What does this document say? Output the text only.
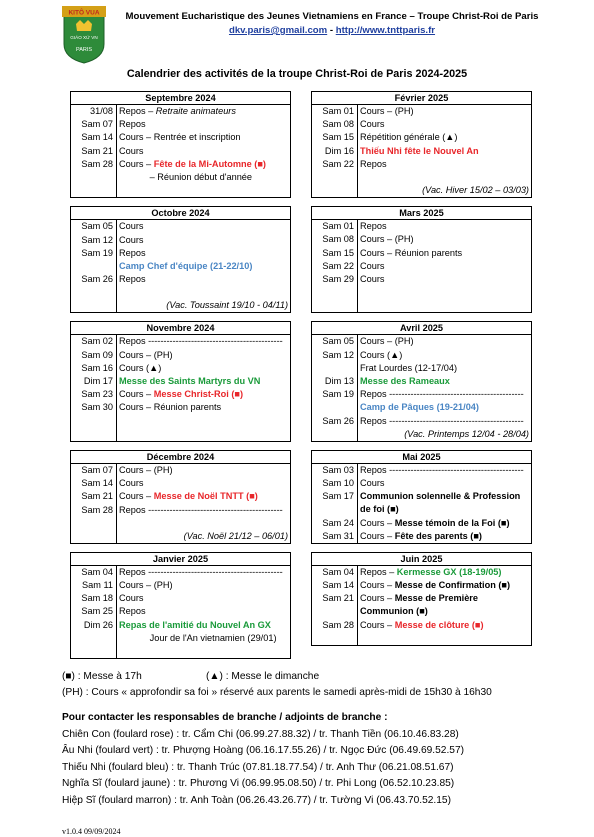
KITÔ VUA
GIÁO XỨ VN
PARIS
Mouvement Eucharistique des Jeunes Vietnamiens en France – Troupe Christ-Roi de Paris
dkv.paris@gmail.com - http://www.tnttparis.fr
Calendrier des activités de la troupe Christ-Roi de Paris 2024-2025
Septembre 2024
31/08 Repos – Retraite animateurs
Sam 07 Repos
Sam 14 Cours – Rentrée et inscription
Sam 21 Cours
Sam 28 Cours – Fête de la Mi-Automne (■)
– Réunion début d'année
Octobre 2024
Sam 05 Cours
Sam 12 Cours
Sam 19 Repos
Camp Chef d'équipe (21-22/10)
Sam 26 Repos
(Vac. Toussaint 19/10 - 04/11)
Novembre 2024
Sam 02 Repos --------------------------------------------
Sam 09 Cours – (PH)
Sam 16 Cours (▲)
Dim 17 Messe des Saints Martyrs du VN
Sam 23 Cours – Messe Christ-Roi (■)
Sam 30 Cours – Réunion parents
Décembre 2024
Sam 07 Cours – (PH)
Sam 14 Cours
Sam 21 Cours – Messe de Noël TNTT (■)
Sam 28 Repos --------------------------------------------
(Vac. Noël 21/12 – 06/01)
Janvier 2025
Sam 04 Repos --------------------------------------------
Sam 11 Cours – (PH)
Sam 18 Cours
Sam 25 Repos
Dim 26 Repas de l'amitié du Nouvel An GX
Jour de l'An vietnamien (29/01)
Février 2025
Sam 01 Cours – (PH)
Sam 08 Cours
Sam 15 Répétition générale (▲)
Dim 16 Thiếu Nhi fête le Nouvel An
Sam 22 Repos
(Vac. Hiver 15/02 – 03/03)
Mars 2025
Sam 01 Repos
Sam 08 Cours – (PH)
Sam 15 Cours – Réunion parents
Sam 22 Cours
Sam 29 Cours
Avril 2025
Sam 05 Cours – (PH)
Sam 12 Cours (▲)
Frat Lourdes (12-17/04)
Dim 13 Messe des Rameaux
Sam 19 Repos --------------------------------------------
Camp de Pâques (19-21/04)
Sam 26 Repos --------------------------------------------
(Vac. Printemps 12/04 - 28/04)
Mai 2025
Sam 03 Repos --------------------------------------------
Sam 10 Cours
Sam 17 Communion solennelle & Profession de foi (■)
Sam 24 Cours – Messe témoin de la Foi (■)
Sam 31 Cours – Fête des parents (■)
Juin 2025
Sam 04 Repos – Kermesse GX (18-19/05)
Sam 14 Cours – Messe de Confirmation (■)
Sam 21 Cours – Messe de Première Communion (■)
Sam 28 Cours – Messe de clôture (■)
(■) : Messe à 17h	(▲) : Messe le dimanche
(PH) : Cours « approfondir sa foi » réservé aux parents le samedi après-midi de 15h30 à 16h30
Pour contacter les responsables de branche / adjoints de branche :
Chiên Con (foulard rose) : tr. Cẩm Chi (06.99.27.88.32) / tr. Thanh Tiền (06.10.46.83.28)
Âu Nhi (foulard vert) : tr. Phượng Hoàng (06.16.17.55.26) / tr. Ngọc Đức (06.49.69.52.57)
Thiếu Nhi (foulard bleu) : tr. Thanh Trúc (07.81.18.77.54) / tr. Anh Thư (06.21.08.51.67)
Nghĩa Sĩ (foulard jaune) : tr. Phương Vi (06.99.95.08.50) / tr. Phi Long (06.52.10.23.85)
Hiệp Sĩ (foulard marron) : tr. Anh Toàn (06.26.43.26.77) / tr. Tường Vi (06.43.70.52.15)
v1.0.4 09/09/2024
